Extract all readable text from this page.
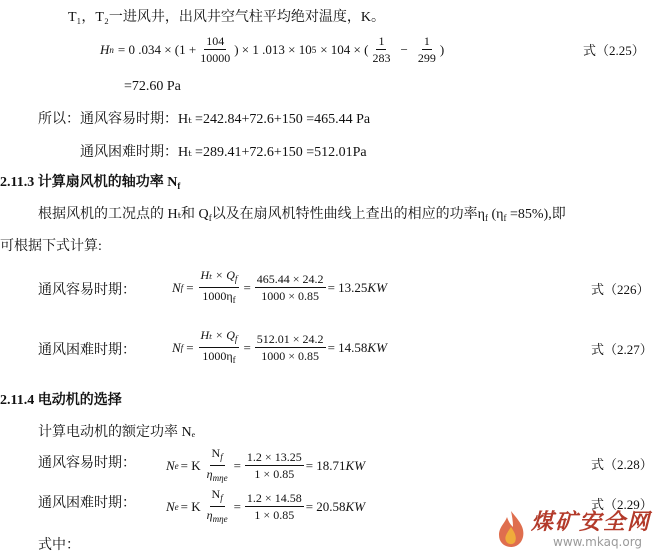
T₁，T₂一进风井，出风井空气柱平均绝对温度，K。
H n = 0 $.034 \times (1 + \frac{104}{10000}$ ) × 1 .013 × 10 5 × 104 × ( $\frac{1}{283} - \frac{1}{299}$ )	式（2.25）
=72.60 Pa
所以：通风容易时期：Hₜ =242.84+72.6+150 =465.44 Pa
通风困难时期：Hₜ =289.41+72.6+150 =512.01Pa
2.11.3 计算扇风机的轴功率 $N_f$
根据风机的工况点的 Hₜ和 $Q_f$以及在扇风机特性曲线上查出的相应的功率$\eta_f$ $(\eta_f =85\%)$,即
可根据下式计算:
通风容易时期：	N $f = \frac{H_t \times Q_f}{1000\eta_f} = \frac{465.44 \times 24.2}{1000 \times 0.85} = 13.25$ KW	式（226）
通风困难时期：	N $f = \frac{H_t \times Q_f}{1000\eta_f} = \frac{512.01 \times 24.2}{1000 \times 0.85} = 14.58$ KW	式（2.27）
2.11.4 电动机的选择
计算电动机的额定功率 Nₑ
通风容易时期： N e = K $\frac{N_f}{\eta_{m\eta e}} = \frac{1.2 \times 13.25}{1 \times 0.85} = 18.71$ KW	式（2.28）
通风困难时期： N e = K $\frac{N_f}{\eta_{m\eta e}} = \frac{1.2 \times 14.58}{1 \times 0.85} = 20.58$ KW	式（2.29）
式中：
煤矿安全网
www.mkaq.org
